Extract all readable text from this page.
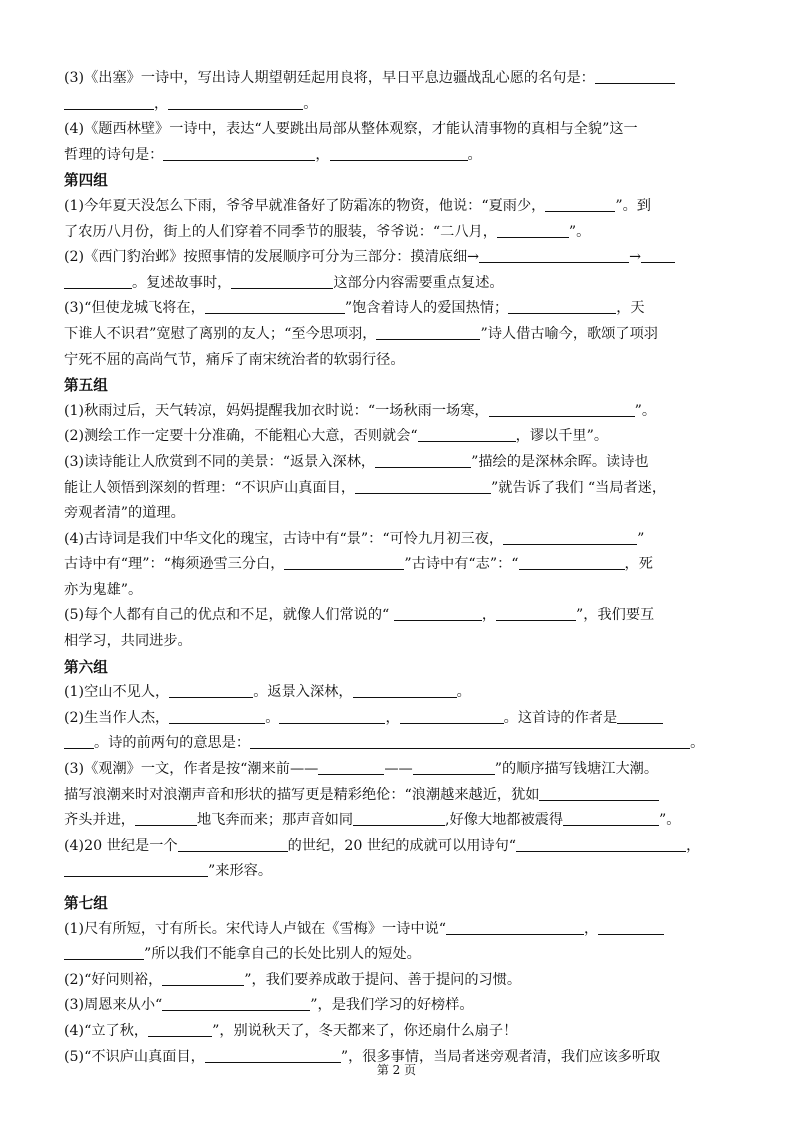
(3)《出塞》一诗中，写出诗人期望朝廷起用良将，早日平息边疆战乱心愿的名句是：
，	。
(4)《题西林壁》一诗中，表达“人要跳出局部从整体观察，才能认清事物的真相与全貌”这一
哲理的诗句是：	，	。
第四组
(1)今年夏天没怎么下雨，爷爷早就准备好了防霜冻的物资，他说：“夏雨少，	”。到
了农历八月份，街上的人们穿着不同季节的服装，爷爷说：“二八月，	”。
(2)《西门豹治邺》按照事情的发展顺序可分为三部分：摸清底细→	→
。复述故事时，	这部分内容需要重点复述。
(3)“但使龙城飞将在，	”饱含着诗人的爱国热情；	，天
下谁人不识君”宽慰了离别的友人；“至今思项羽，	”诗人借古喻今，歌颂了项羽
宁死不屈的高尚气节，痛斥了南宋统治者的软弱行径。
第五组
(1)秋雨过后，天气转凉，妈妈提醒我加衣时说：“一场秋雨一场寒，	”。
(2)测绘工作一定要十分准确，不能粗心大意，否则就会“	，谬以千里”。
(3)读诗能让人欣赏到不同的美景：“返景入深林，	”描绘的是深林余晖。读诗也
能让人领悟到深刻的哲理：“不识庐山真面目，	”就告诉了我们 “当局者迷，
旁观者清”的道理。
(4)古诗词是我们中华文化的瑰宝，古诗中有“景”：“可怜九月初三夜，	”
古诗中有“理”：“梅须逊雪三分白，	”古诗中有“志”：“	，死
亦为鬼雄”。
(5)每个人都有自己的优点和不足，就像人们常说的“	，	”，我们要互
相学习，共同进步。
第六组
(1)空山不见人，	。返景入深林，	。
(2)生当作人杰，	。	，	。这首诗的作者是
。诗的前两句的意思是：	。
(3)《观潮》一文，作者是按“潮来前——	——	”的顺序描写钱塘江大潮。
描写浪潮来时对浪潮声音和形状的描写更是精彩绝伦：“浪潮越来越近，犹如
齐头并进，	地飞奔而来；那声音如同	,好像大地都被震得	”。
(4)20 世纪是一个	的世纪，20 世纪的成就可以用诗句“	，
”来形容。
第七组
(1)尺有所短，寸有所长。宋代诗人卢钺在《雪梅》一诗中说“	，
”所以我们不能拿自己的长处比别人的短处。
(2)“好问则裕，	”，我们要养成敢于提问、善于提问的习惯。
(3)周恩来从小“	”，是我们学习的好榜样。
(4)“立了秋，	”，别说秋天了，冬天都来了，你还扇什么扇子！
(5)“不识庐山真面目，	”，很多事情，当局者迷旁观者清，我们应该多听取
第 2 页
